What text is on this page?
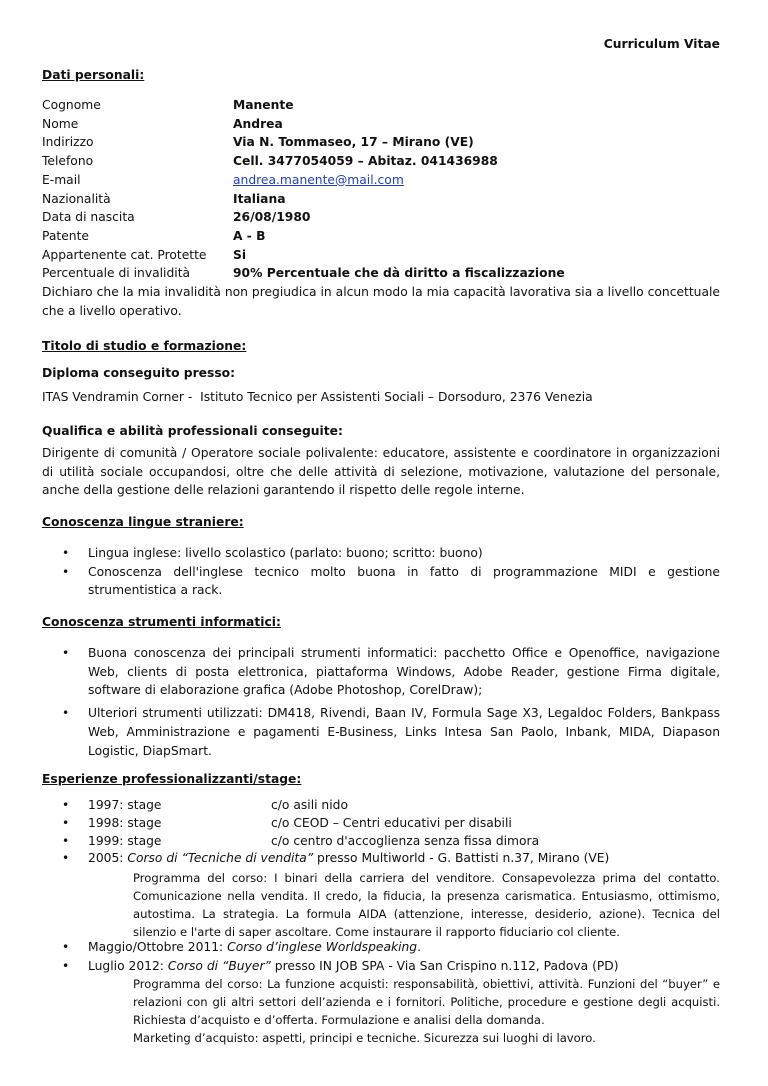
Curriculum Vitae
Dati personali:
Cognome	Manente
Nome	Andrea
Indirizzo	Via N. Tommaseo, 17 – Mirano (VE)
Telefono	Cell. 3477054059 – Abitaz. 041436988
E-mail	andrea.manente@mail.com
Nazionalità	Italiana
Data di nascita	26/08/1980
Patente	A - B
Appartenente cat. Protette	Si
Percentuale di invalidità	90% Percentuale che dà diritto a fiscalizzazione
Dichiaro che la mia invalidità non pregiudica in alcun modo la mia capacità lavorativa sia a livello concettuale che a livello operativo.
Titolo di studio e formazione:
Diploma conseguito presso:
ITAS Vendramin Corner -  Istituto Tecnico per Assistenti Sociali – Dorsoduro, 2376 Venezia
Qualifica e abilità professionali conseguite:
Dirigente di comunità / Operatore sociale polivalente: educatore, assistente e coordinatore in organizzazioni di utilità sociale occupandosi, oltre che delle attività di selezione, motivazione, valutazione del personale, anche della gestione delle relazioni garantendo il rispetto delle regole interne.
Conoscenza lingue straniere:
• Lingua inglese: livello scolastico (parlato: buono; scritto: buono)
• Conoscenza dell'inglese tecnico molto buona in fatto di programmazione MIDI e gestione strumentistica a rack.
Conoscenza strumenti informatici:
• Buona conoscenza dei principali strumenti informatici: pacchetto Office e Openoffice, navigazione Web, clients di posta elettronica, piattaforma Windows, Adobe Reader, gestione Firma digitale, software di elaborazione grafica (Adobe Photoshop, CorelDraw);
• Ulteriori strumenti utilizzati: DM418, Rivendi, Baan IV, Formula Sage X3, Legaldoc Folders, Bankpass Web, Amministrazione e pagamenti E-Business, Links Intesa San Paolo, Inbank, MIDA, Diapason Logistic, DiapSmart.
Esperienze professionalizzanti/stage:
• 1997: stage	c/o asili nido
• 1998: stage	c/o CEOD – Centri educativi per disabili
• 1999: stage	c/o centro d'accoglienza senza fissa dimora
• 2005: Corso di “Tecniche di vendita” presso Multiworld - G. Battisti n.37, Mirano (VE)
Programma del corso: I binari della carriera del venditore. Consapevolezza prima del contatto. Comunicazione nella vendita. Il credo, la fiducia, la presenza carismatica. Entusiasmo, ottimismo, autostima. La strategia. La formula AIDA (attenzione, interesse, desiderio, azione). Tecnica del silenzio e l'arte di saper ascoltare. Come instaurare il rapporto fiduciario col cliente.
• Maggio/Ottobre 2011: Corso d’inglese Worldspeaking.
• Luglio 2012: Corso di “Buyer” presso IN JOB SPA - Via San Crispino n.112, Padova (PD)
Programma del corso: La funzione acquisti: responsabilità, obiettivi, attività. Funzioni del “buyer” e relazioni con gli altri settori dell’azienda e i fornitori. Politiche, procedure e gestione degli acquisti. Richiesta d’acquisto e d’offerta. Formulazione e analisi della domanda.
Marketing d’acquisto: aspetti, principi e tecniche. Sicurezza sui luoghi di lavoro.
